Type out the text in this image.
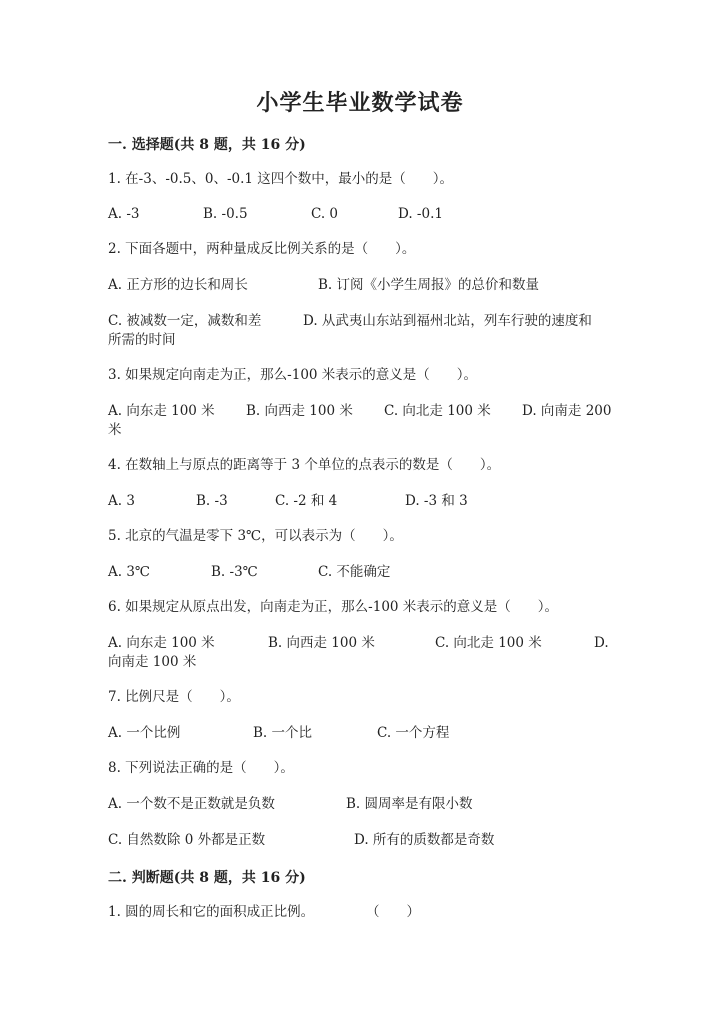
小学生毕业数学试卷
一. 选择题(共 8 题，共 16 分)
1. 在-3、-0.5、0、-0.1 这四个数中，最小的是（　　）。
A. -3	B. -0.5	C. 0	D. -0.1
2. 下面各题中，两种量成反比例关系的是（　　）。
A. 正方形的边长和周长	B. 订阅《小学生周报》的总价和数量
C. 被减数一定，减数和差	D. 从武夷山东站到福州北站，列车行驶的速度和
所需的时间
3. 如果规定向南走为正，那么-100 米表示的意义是（　　）。
A. 向东走 100 米 B. 向西走 100 米 C. 向北走 100 米 D. 向南走 200
米
4. 在数轴上与原点的距离等于 3 个单位的点表示的数是（　　）。
A. 3	B. -3	C. -2 和 4	D. -3 和 3
5. 北京的气温是零下 3℃，可以表示为（　　）。
A. 3℃	B. -3℃	C. 不能确定
6. 如果规定从原点出发，向南走为正，那么-100 米表示的意义是（　　）。
A. 向东走 100 米	B. 向西走 100 米	C. 向北走 100 米	D.
向南走 100 米
7. 比例尺是（　　）。
A. 一个比例	B. 一个比	C. 一个方程
8. 下列说法正确的是（　　）。
A. 一个数不是正数就是负数	B. 圆周率是有限小数
C. 自然数除 0 外都是正数	D. 所有的质数都是奇数
二. 判断题(共 8 题，共 16 分)
1. 圆的周长和它的面积成正比例。	（　　）
